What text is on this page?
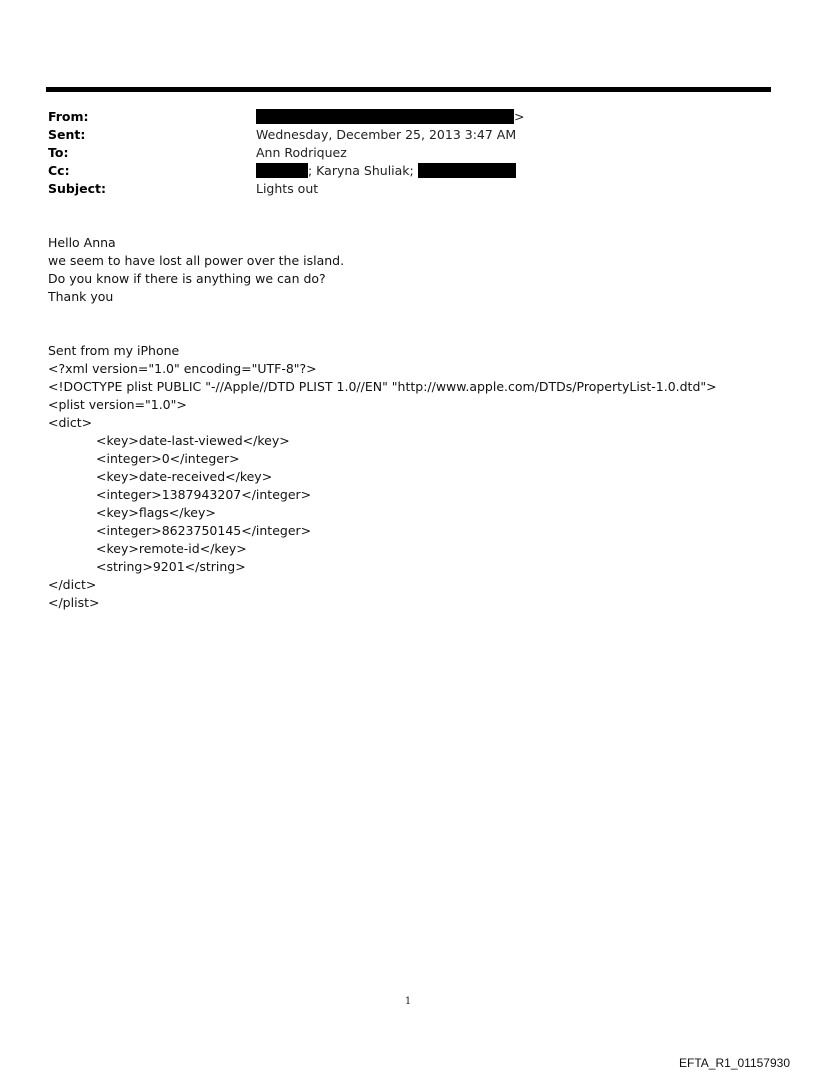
From:	>
Sent:	Wednesday, December 25, 2013 3:47 AM
To:	Ann Rodriquez
Cc:	; Karyna Shuliak;
Subject:	Lights out
Hello Anna
we seem to have lost all power over the island.
Do you know if there is anything we can do?
Thank you
Sent from my iPhone
<?xml version="1.0" encoding="UTF-8"?>
<!DOCTYPE plist PUBLIC "-//Apple//DTD PLIST 1.0//EN" "http://www.apple.com/DTDs/PropertyList-1.0.dtd">
<plist version="1.0">
<dict>
<key>date-last-viewed</key>
<integer>0</integer>
<key>date-received</key>
<integer>1387943207</integer>
<key>flags</key>
<integer>8623750145</integer>
<key>remote-id</key>
<string>9201</string>
</dict>
</plist>
1
EFTA_R1_01157930
